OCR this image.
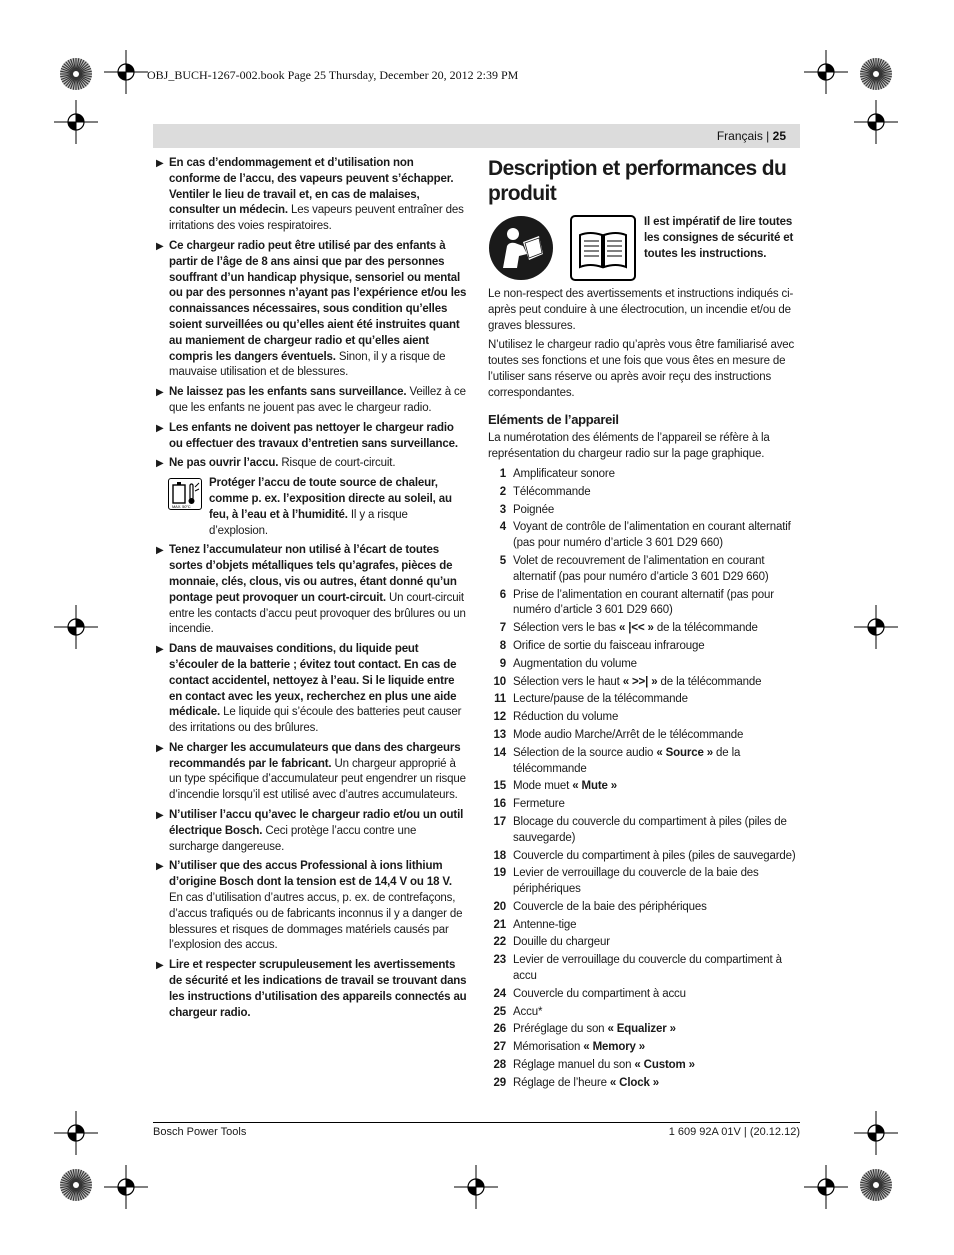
OBJ_BUCH-1267-002.book Page 25 Thursday, December 20, 2012 2:39 PM
Français | 25
▶ En cas d’endommagement et d’utilisation non conforme de l’accu, des vapeurs peuvent s’échapper. Ventiler le lieu de travail et, en cas de malaises, consulter un médecin. Les vapeurs peuvent entraîner des irritations des voies respiratoires.
▶ Ce chargeur radio peut être utilisé par des enfants à partir de l’âge de 8 ans ainsi que par des personnes souffrant d’un handicap physique, sensoriel ou mental ou par des personnes n’ayant pas l’expérience et/ou les connaissances nécessaires, sous condition qu’elles soient surveillées ou qu’elles aient été instruites quant au maniement de chargeur radio et qu’elles aient compris les dangers éventuels. Sinon, il y a risque de mauvaise utilisation et de blessures.
▶ Ne laissez pas les enfants sans surveillance. Veillez à ce que les enfants ne jouent pas avec le chargeur radio.
▶ Les enfants ne doivent pas nettoyer le chargeur radio ou effectuer des travaux d’entretien sans surveillance.
▶ Ne pas ouvrir l’accu. Risque de court-circuit.
MAX. 50°C
Protéger l’accu de toute source de chaleur, comme p. ex. l’exposition directe au soleil, au feu, à l’eau et à l’humidité. Il y a risque d’explosion.
▶ Tenez l’accumulateur non utilisé à l’écart de toutes sortes d’objets métalliques tels qu’agrafes, pièces de monnaie, clés, clous, vis ou autres, étant donné qu’un pontage peut provoquer un court-circuit. Un court-circuit entre les contacts d’accu peut provoquer des brûlures ou un incendie.
▶ Dans de mauvaises conditions, du liquide peut s’écouler de la batterie ; évitez tout contact. En cas de contact accidentel, nettoyez à l’eau. Si le liquide entre en contact avec les yeux, recherchez en plus une aide médicale. Le liquide qui s’écoule des batteries peut causer des irritations ou des brûlures.
▶ Ne charger les accumulateurs que dans des chargeurs recommandés par le fabricant. Un chargeur approprié à un type spécifique d’accumulateur peut engendrer un risque d’incendie lorsqu’il est utilisé avec d’autres accumulateurs.
▶ N’utiliser l’accu qu’avec le chargeur radio et/ou un outil électrique Bosch. Ceci protège l’accu contre une surcharge dangereuse.
▶ N’utiliser que des accus Professional à ions lithium d’origine Bosch dont la tension est de 14,4 V ou 18 V. En cas d’utilisation d’autres accus, p. ex. de contrefaçons, d’accus trafiqués ou de fabricants inconnus il y a danger de blessures et risques de dommages matériels causés par l’explosion des accus.
▶ Lire et respecter scrupuleusement les avertissements de sécurité et les indications de travail se trouvant dans les instructions d’utilisation des appareils connectés au chargeur radio.
Description et performances du produit
Il est impératif de lire toutes les consignes de sécurité et toutes les instructions.

Le non-respect des avertissements et instructions indiqués ci-après peut conduire à une électrocution, un incendie et/ou de graves blessures.

N’utilisez le chargeur radio qu’après vous être familiarisé avec toutes ses fonctions et une fois que vous êtes en mesure de l’utiliser sans réserve ou après avoir reçu des instructions correspondantes.

Eléments de l’appareil

La numérotation des éléments de l’appareil se réfère à la représentation du chargeur radio sur la page graphique.

1 Amplificateur sonore
2 Télécommande
3 Poignée
4 Voyant de contrôle de l’alimentation en courant alternatif (pas pour numéro d’article 3 601 D29 660)
5 Volet de recouvrement de l’alimentation en courant alternatif (pas pour numéro d’article 3 601 D29 660)
6 Prise de l’alimentation en courant alternatif (pas pour numéro d’article 3 601 D29 660)
7 Sélection vers le bas « |<< » de la télécommande
8 Orifice de sortie du faisceau infrarouge
9 Augmentation du volume
10 Sélection vers le haut « >>| » de la télécommande
11 Lecture/pause de la télécommande
12 Réduction du volume
13 Mode audio Marche/Arrêt de le télécommande
14 Sélection de la source audio « Source » de la télécommande
15 Mode muet « Mute »
16 Fermeture
17 Blocage du couvercle du compartiment à piles (piles de sauvegarde)
18 Couvercle du compartiment à piles (piles de sauvegarde)
19 Levier de verrouillage du couvercle de la baie des périphériques
20 Couvercle de la baie des périphériques
21 Antenne-tige
22 Douille du chargeur
23 Levier de verrouillage du couvercle du compartiment à accu
24 Couvercle du compartiment à accu
25 Accu*
26 Préréglage du son « Equalizer »
27 Mémorisation « Memory »
28 Réglage manuel du son « Custom »
29 Réglage de l’heure « Clock »
Bosch Power Tools	1 609 92A 01V | (20.12.12)
